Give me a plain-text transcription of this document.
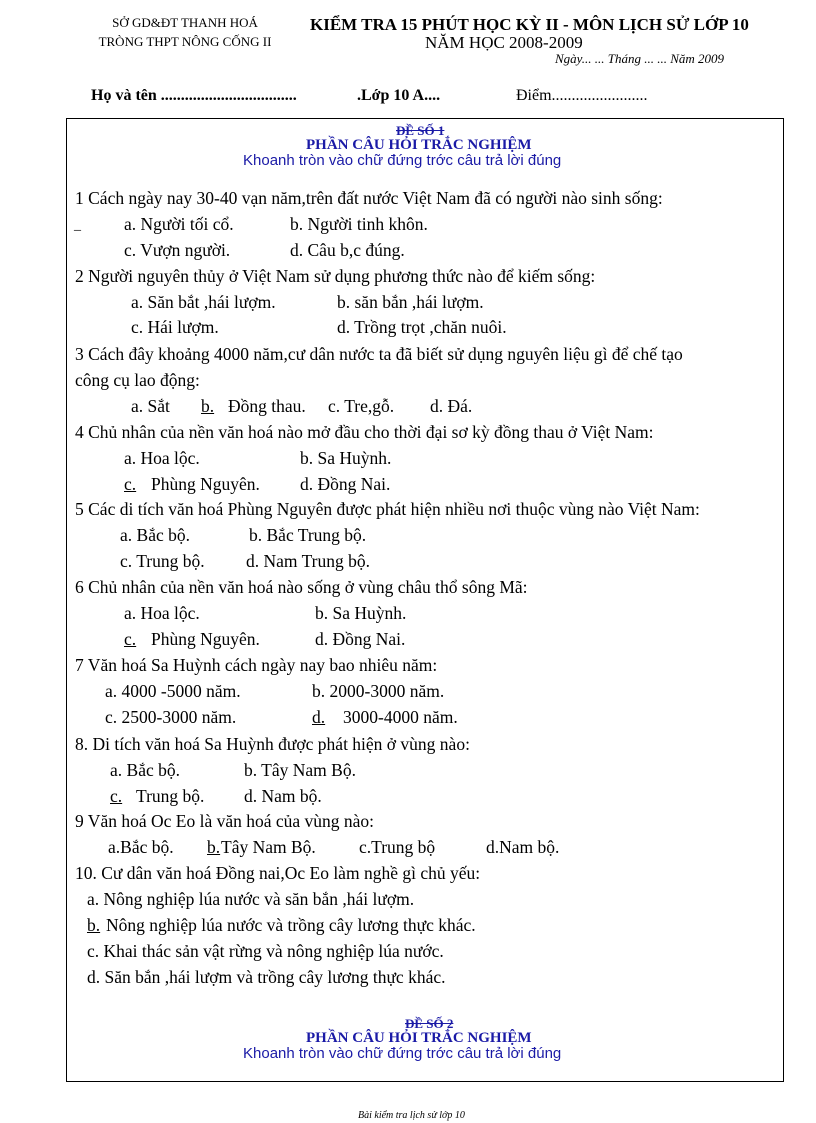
SỞ GD&ĐT THANH HOÁ
TRÒNG THPT NÔNG CỐNG II
KIỂM TRA 15 PHÚT HỌC KỲ II - MÔN LỊCH SỬ LỚP 10
NĂM HỌC 2008-2009
Ngày... ... Tháng ... ... Năm 2009
Họ và tên ..................................	.Lớp 10 A....	Điểm........................
ĐỀ SỐ 1
PHẦN CÂU HỎI TRẮC NGHIỆM
Khoanh tròn vào chữ đứng trớc câu trả lời đúng
1 Cách ngày nay 30-40 vạn năm,trên đất nước Việt Nam đã có người nào sinh sống:
_ a. Người tối cổ.	b. Người tinh khôn.
c. Vượn người.	d. Câu b,c đúng.
2 Người nguyên thủy ở Việt Nam sử dụng phương thức nào để kiếm sống:
a. Săn bắt ,hái lượm.	b. săn bắn ,hái lượm.
c. Hái lượm.	d. Trồng trọt ,chăn nuôi.
3 Cách đây khoảng 4000 năm,cư dân nước ta đã biết sử dụng nguyên liệu gì để chế tạo
công cụ lao động:
a. Sắt b. Đồng thau. c. Tre,gỗ. d. Đá.
4 Chủ nhân của nền văn hoá nào mở đầu cho thời đại sơ kỳ đồng thau ở Việt Nam:
a. Hoa lộc.	b. Sa Huỳnh.
c. Phùng Nguyên. d. Đồng Nai.
5 Các di tích văn hoá Phùng Nguyên được phát hiện nhiều nơi thuộc vùng nào Việt Nam:
a. Bắc bộ.	b. Bắc Trung bộ.
c. Trung bộ. d. Nam Trung bộ.
6 Chủ nhân của nền văn hoá nào sống ở vùng châu thổ sông Mã:
a. Hoa lộc.	b. Sa Huỳnh.
c. Phùng Nguyên.	d. Đồng Nai.
7 Văn hoá Sa Huỳnh cách ngày nay bao nhiêu năm:
a. 4000 -5000 năm.	b. 2000-3000 năm.
c. 2500-3000 năm.	d. 3000-4000 năm.
8. Di tích văn hoá Sa Huỳnh được phát hiện ở vùng nào:
a. Bắc bộ.	b. Tây Nam Bộ.
c. Trung bộ. d. Nam bộ.
9 Văn hoá Oc Eo là văn hoá của vùng nào:
a.Bắc bộ. b. Tây Nam Bộ. c.Trung bộ	d.Nam bộ.
10. Cư dân văn hoá Đồng nai,Oc Eo làm nghề gì chủ yếu:
a. Nông nghiệp lúa nước và săn bắn ,hái lượm.
b. Nông nghiệp lúa nước và trồng cây lương thực khác.
c. Khai thác sản vật rừng và nông nghiệp lúa nước.
d. Săn bắn ,hái lượm và trồng cây lương thực khác.
ĐỀ SỐ 2
PHẦN CÂU HỎI TRẮC NGHIỆM
Khoanh tròn vào chữ đứng trớc câu trả lời đúng
Bài kiểm tra lịch sử lớp 10
